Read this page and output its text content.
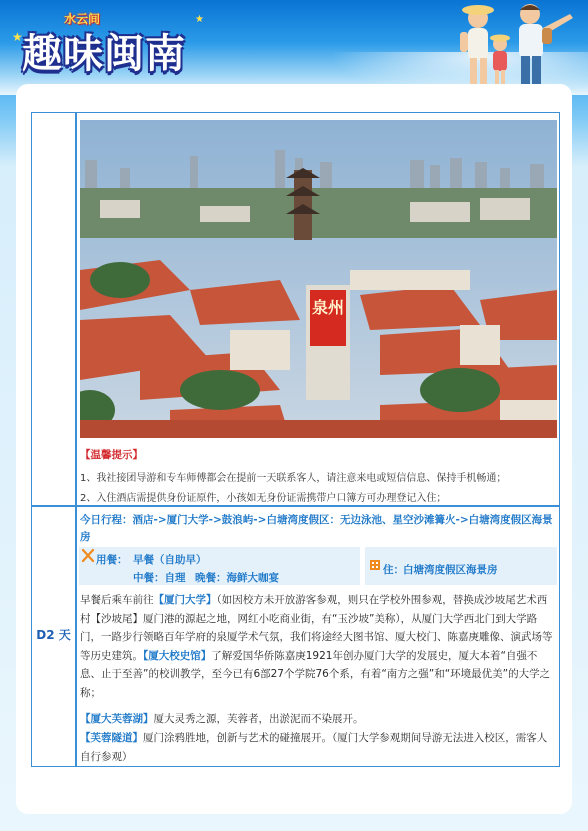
水云间
趣味闽南
★
★
D2 天
泉州
【温馨提示】
1、我社接团导游和专车师傅都会在提前一天联系客人，请注意来电或短信信息、保持手机畅通；
2、入住酒店需提供身份证原件，小孩如无身份证需携带户口簿方可办理登记入住；
今日行程：酒店->厦门大学->鼓浪屿->白塘湾度假区：无边泳池、星空沙滩篝火->白塘湾度假区海景房
用餐： 早餐（自助早）
中餐：自理 晚餐：海鲜大咖宴
住： 白塘湾度假区海景房
早餐后乘车前往【厦门大学】（如因校方未开放游客参观，则只在学校外围参观，替换成沙坡尾艺术西村【沙坡尾】厦门港的源起之地，网红小吃商业街，有“玉沙坡”美称），从厦门大学西北门到大学路门，一路步行领略百年学府的泉厦学术气氛，我们将途经大图书馆、厦大校门、陈嘉庚雕像、演武场等等历史建筑。【厦大校史馆】了解爱国华侨陈嘉庚1921年创办厦门大学的发展史，厦大本着“自强不息、止于至善”的校训教学，至今已有6部27个学院76个系，有着“南方之强”和“环境最优美”的大学之称；
【厦大芙蓉湖】厦大灵秀之源，芙蓉者，出淤泥而不染展开。
【芙蓉隧道】厦门涂鸦胜地，创新与艺术的碰撞展开。（厦门大学参观期间导游无法进入校区，需客人自行参观）
